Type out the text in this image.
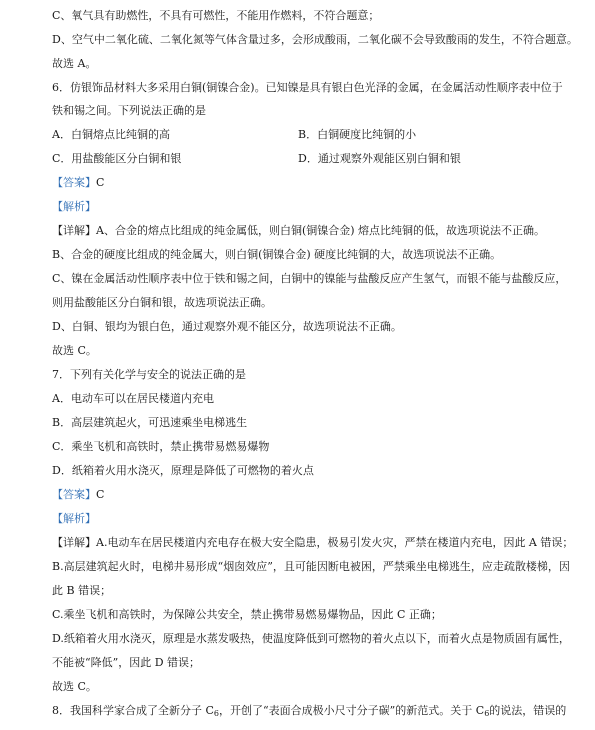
C、氧气具有助燃性，不具有可燃性，不能用作燃料，不符合题意；
D、空气中二氧化硫、二氧化氮等气体含量过多，会形成酸雨，二氧化碳不会导致酸雨的发生，不符合题意。
故选 A。
6．仿银饰品材料大多采用白铜(铜镍合金)。已知镍是具有银白色光泽的金属，在金属活动性顺序表中位于
铁和锡之间。下列说法正确的是
A．白铜熔点比纯铜的高	B．白铜硬度比纯铜的小
C．用盐酸能区分白铜和银	D．通过观察外观能区别白铜和银
【答案】C
【解析】
【详解】A、合金的熔点比组成的纯金属低，则白铜(铜镍合金) 熔点比纯铜的低，故选项说法不正确。
B、合金的硬度比组成的纯金属大，则白铜(铜镍合金) 硬度比纯铜的大，故选项说法不正确。
C、镍在金属活动性顺序表中位于铁和锡之间，白铜中的镍能与盐酸反应产生氢气，而银不能与盐酸反应，
则用盐酸能区分白铜和银，故选项说法正确。
D、白铜、银均为银白色，通过观察外观不能区分，故选项说法不正确。
故选 C。
7．下列有关化学与安全的说法正确的是
A．电动车可以在居民楼道内充电
B．高层建筑起火，可迅速乘坐电梯逃生
C．乘坐飞机和高铁时，禁止携带易燃易爆物
D．纸箱着火用水浇灭，原理是降低了可燃物的着火点
【答案】C
【解析】
【详解】A.电动车在居民楼道内充电存在极大安全隐患，极易引发火灾，严禁在楼道内充电，因此 A 错误；
B.高层建筑起火时，电梯井易形成“烟囱效应”，且可能因断电被困，严禁乘坐电梯逃生，应走疏散楼梯，因
此 B 错误；
C.乘坐飞机和高铁时，为保障公共安全，禁止携带易燃易爆物品，因此 C 正确；
D.纸箱着火用水浇灭，原理是水蒸发吸热，使温度降低到可燃物的着火点以下，而着火点是物质固有属性，
不能被“降低”，因此 D 错误；
故选 C。
8．我国科学家合成了全新分子 $C_6$，开创了“表面合成极小尺寸分子碳”的新范式。关于 $C_6$的说法，错误的
